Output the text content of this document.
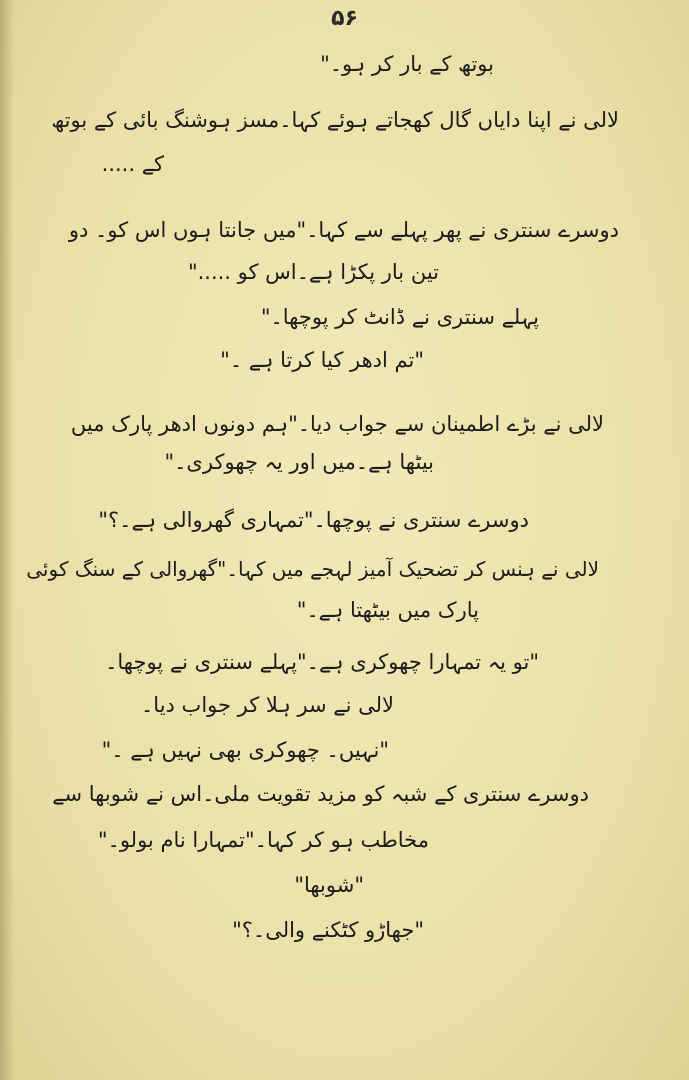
۵۶
بوتھ کے بار کر ہو۔"
لالی نے اپنا دایاں گال کھجاتے ہوئے کہا۔مسز ہوشنگ بائی کے بوتھ
کے .....
دوسرے سنتری نے پھر پہلے سے کہا۔"میں جانتا ہوں اس کو۔ دو
تین بار پکڑا ہے۔اس کو ....."
پہلے سنتری نے ڈانٹ کر پوچھا۔"
"تم ادھر کیا کرتا ہے ۔"
لالی نے بڑے اطمینان سے جواب دیا۔"ہم دونوں ادھر پارک میں
بیٹھا ہے۔میں اور یہ چھوکری۔"
دوسرے سنتری نے پوچھا۔"تمہاری گھروالی ہے۔؟"
لالی نے ہنس کر تضحیک آمیز لہجے میں کہا۔"گھروالی کے سنگ کوئی
پارک میں بیٹھتا ہے۔"
"تو یہ تمہارا چھوکری ہے۔"پہلے سنتری نے پوچھا۔
لالی نے سر ہلا کر جواب دیا۔
"نہیں۔ چھوکری بھی نہیں ہے ۔"
دوسرے سنتری کے شبہ کو مزید تقویت ملی۔اس نے شوبھا سے
مخاطب ہو کر کہا۔"تمہارا نام بولو۔"
"شوبھا"
"جھاڑو کٹکنے والی۔؟"
